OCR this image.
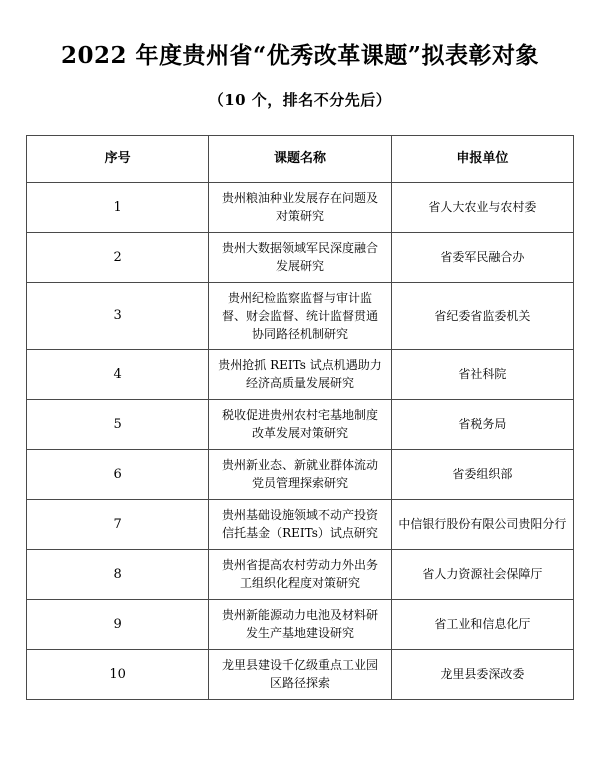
2022 年度贵州省“优秀改革课题”拟表彰对象
（10 个，排名不分先后）
序号	课题名称	申报单位
1	贵州粮油种业发展存在问题及对策研究	省人大农业与农村委
2	贵州大数据领域军民深度融合发展研究	省委军民融合办
3	贵州纪检监察监督与审计监督、财会监督、统计监督贯通协同路径机制研究	省纪委省监委机关
4	贵州抢抓 REITs 试点机遇助力经济高质量发展研究	省社科院
5	税收促进贵州农村宅基地制度改革发展对策研究	省税务局
6	贵州新业态、新就业群体流动党员管理探索研究	省委组织部
7	贵州基础设施领域不动产投资信托基金（REITs）试点研究	中信银行股份有限公司贵阳分行
8	贵州省提高农村劳动力外出务工组织化程度对策研究	省人力资源社会保障厅
9	贵州新能源动力电池及材料研发生产基地建设研究	省工业和信息化厅
10	龙里县建设千亿级重点工业园区路径探索	龙里县委深改委
